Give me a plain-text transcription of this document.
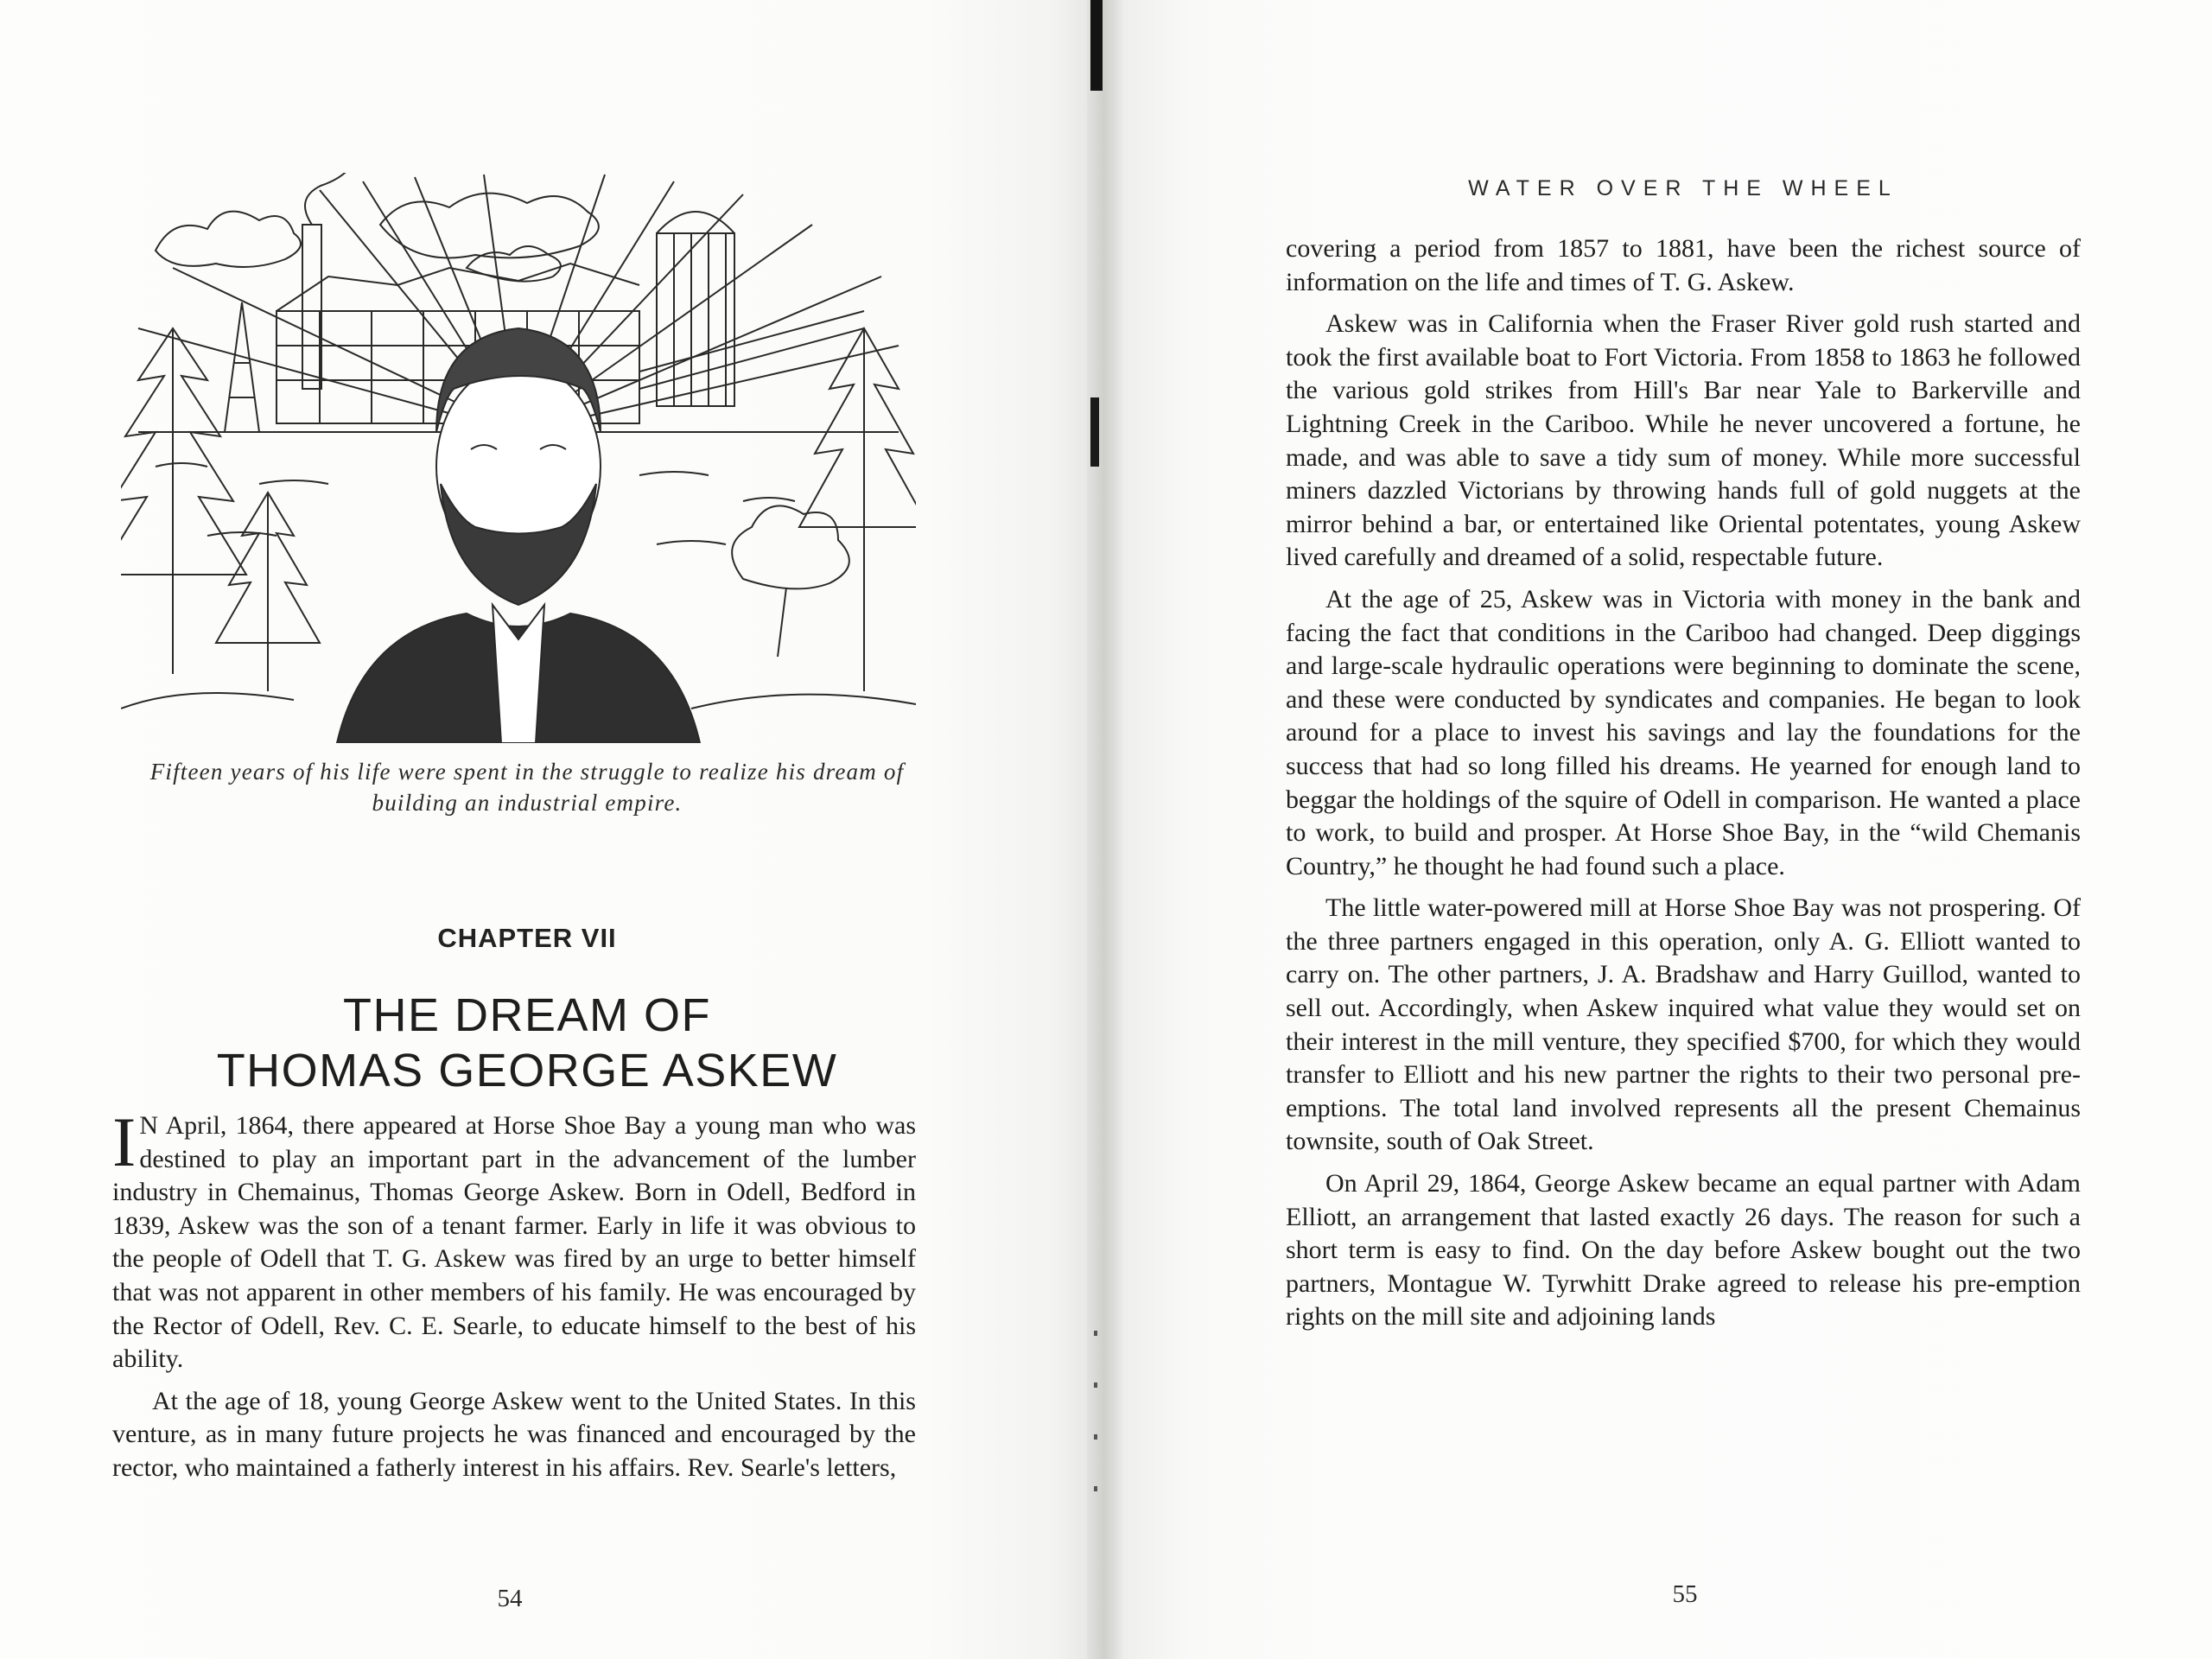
Fifteen years of his life were spent in the struggle to realize his dream of building an industrial empire.
CHAPTER VII
THE DREAM OF
THOMAS GEORGE ASKEW

I N April, 1864, there appeared at Horse Shoe Bay a young man who was destined to play an important part in the advancement of the lumber industry in Chemainus, Thomas George Askew. Born in Odell, Bedford in 1839, Askew was the son of a tenant farmer. Early in life it was obvious to the people of Odell that T. G. Askew was fired by an urge to better himself that was not apparent in other members of his family. He was encouraged by the Rector of Odell, Rev. C. E. Searle, to educate himself to the best of his ability.

At the age of 18, young George Askew went to the United States. In this venture, as in many future projects he was financed and encouraged by the rector, who maintained a fatherly interest in his affairs. Rev. Searle's letters,

54
WATER OVER THE WHEEL

covering a period from 1857 to 1881, have been the richest source of information on the life and times of T. G. Askew.

Askew was in California when the Fraser River gold rush started and took the first available boat to Fort Victoria. From 1858 to 1863 he followed the various gold strikes from Hill's Bar near Yale to Barkerville and Lightning Creek in the Cariboo. While he never uncovered a fortune, he made, and was able to save a tidy sum of money. While more successful miners dazzled Victorians by throwing hands full of gold nuggets at the mirror behind a bar, or entertained like Oriental potentates, young Askew lived carefully and dreamed of a solid, respectable future.

At the age of 25, Askew was in Victoria with money in the bank and facing the fact that conditions in the Cariboo had changed. Deep diggings and large-scale hydraulic operations were beginning to dominate the scene, and these were conducted by syndicates and companies. He began to look around for a place to invest his savings and lay the foundations for the success that had so long filled his dreams. He yearned for enough land to beggar the holdings of the squire of Odell in comparison. He wanted a place to work, to build and prosper. At Horse Shoe Bay, in the “wild Chemanis Country,” he thought he had found such a place.

The little water-powered mill at Horse Shoe Bay was not prospering. Of the three partners engaged in this operation, only A. G. Elliott wanted to carry on. The other partners, J. A. Bradshaw and Harry Guillod, wanted to sell out. Accordingly, when Askew inquired what value they would set on their interest in the mill venture, they specified $700, for which they would transfer to Elliott and his new partner the rights to their two personal pre-emptions. The total land involved represents all the present Chemainus townsite, south of Oak Street.

On April 29, 1864, George Askew became an equal partner with Adam Elliott, an arrangement that lasted exactly 26 days. The reason for such a short term is easy to find. On the day before Askew bought out the two partners, Montague W. Tyrwhitt Drake agreed to release his pre-emption rights on the mill site and adjoining lands

55
